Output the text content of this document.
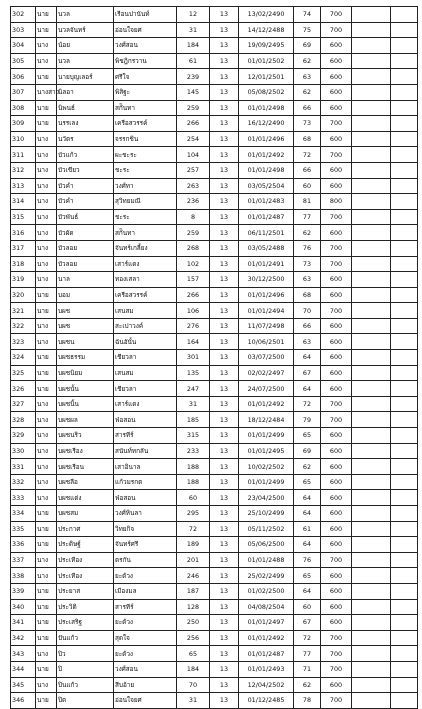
302	นาย	นวล	เรือนปานันท์	12	13	13/02/2490	74	700		
303	นาย	นวลจันทร์	อ่อนใจยศ	31	13	14/12/2488	75	700		
304	นาง	น้อย	วงศ์สอน	184	13	19/09/2495	69	600		
305	นาง	นวล	พิชฎิกรวาน	61	13	01/01/2502	62	600		
306	นาย	นายบุญเลอร์	ศรีใจ	239	13	12/01/2501	63	600		
307	นางสาว	นิลอา	พิสิฐะ	145	13	05/08/2502	62	600		
308	นาย	นิพนธ์	สกัินทา	259	13	01/01/2498	66	600		
309	นาย	นรรเลง	เครือสวรรค์	266	13	16/12/2490	73	700		
310	นาง	นวัตร	จรรกชิน	254	13	01/01/2496	68	600		
311	นาง	บัวแก้ว	ผะชะระ	104	13	01/01/2492	72	700		
312	นาง	บัวเขียว	ชะระ	257	13	01/01/2498	66	600		
313	นาง	บัวคำ	วงศ์ทา	263	13	03/05/2504	60	600		
314	นาง	บัวคำ	สุวิทยมณี	236	13	01/01/2483	81	800		
315	นาง	บัวพันธ์	ชะระ	8	13	01/01/2487	77	700		
316	นาง	บัวผัด	สกัินทา	259	13	06/11/2501	62	600		
317	นาง	บัวลอย	จันทร์เกลี้ยง	268	13	03/05/2488	76	700		
318	นาง	บัวลอย	เสาร์แดง	102	13	01/01/2491	73	700		
319	นาง	นาล	ทองเสลา	157	13	30/12/2500	63	600		
320	นาย	บอม	เครือสวรรค์	266	13	01/01/2496	68	600		
321	นาย	บผช	เสนสม	106	13	01/01/2494	70	700		
322	นาง	บผช	สะเปาวงค์	276	13	11/07/2498	66	600		
323	นาง	บผชน	ฉันอันั้น	164	13	10/06/2501	63	600		
324	นาย	บผชธรรม	เชียวลา	301	13	03/07/2500	64	600		
325	นาย	บผชนิยม	เสนสม	135	13	02/02/2497	67	600		
326	นาย	บผชนั้น	เชียวลา	247	13	24/07/2500	64	600		
327	นาง	บผชนิ้น	เสาร์แดง	31	13	01/01/2492	72	700		
328	นาง	บผชผล	ฟ่อสอน	185	13	18/12/2484	79	700		
329	นาง	บผชนริว	สารทีร์	315	13	01/01/2499	65	600		
330	นาง	บผชเรือง	สนันท์ทกลัน	233	13	01/01/2495	69	600		
331	นาง	บผชเรือน	เสาอินาล	188	13	10/02/2502	62	600		
332	นาง	บผชลือ	แก้วมรกต	188	13	01/01/2499	65	600		
333	นาง	บผชแต่ง	ฟ่อสอน	60	13	23/04/2500	64	600		
334	นาย	บผชสม	วงศ์หินลา	295	13	25/10/2499	64	600		
335	นาย	ประกาศ	วิทยกิจ	72	13	05/11/2502	61	600		
336	นาย	ประดิษฐ์	จันทร์ศรี	189	13	05/06/2500	64	600		
337	นาง	ประเทือง	ตรกัน	201	13	01/01/2488	76	700		
338	นาง	ประเทือง	ยะด้วง	246	13	25/02/2499	65	600		
339	นาย	ประยาส	เมืองมล	187	13	01/02/2500	64	600		
340	นาย	ประวิติ	สารทีร์	128	13	04/08/2504	60	600		
341	นาย	ประเสริฐ	ยะด้วง	250	13	01/01/2497	67	600		
342	นาย	ปันแก้ว	สุดใจ	256	13	01/01/2492	72	700		
343	นาง	ปิว	ยะด้วง	65	13	01/01/2487	77	700		
344	นาย	ปิ	วงศ์สอน	184	13	01/01/2493	71	700		
345	นาง	ปินแก้ว	สีบอ้าย	70	13	12/04/2502	62	600		
346	นาย	ปิต	อ่อนใจยศ	31	13	01/12/2485	78	700		
